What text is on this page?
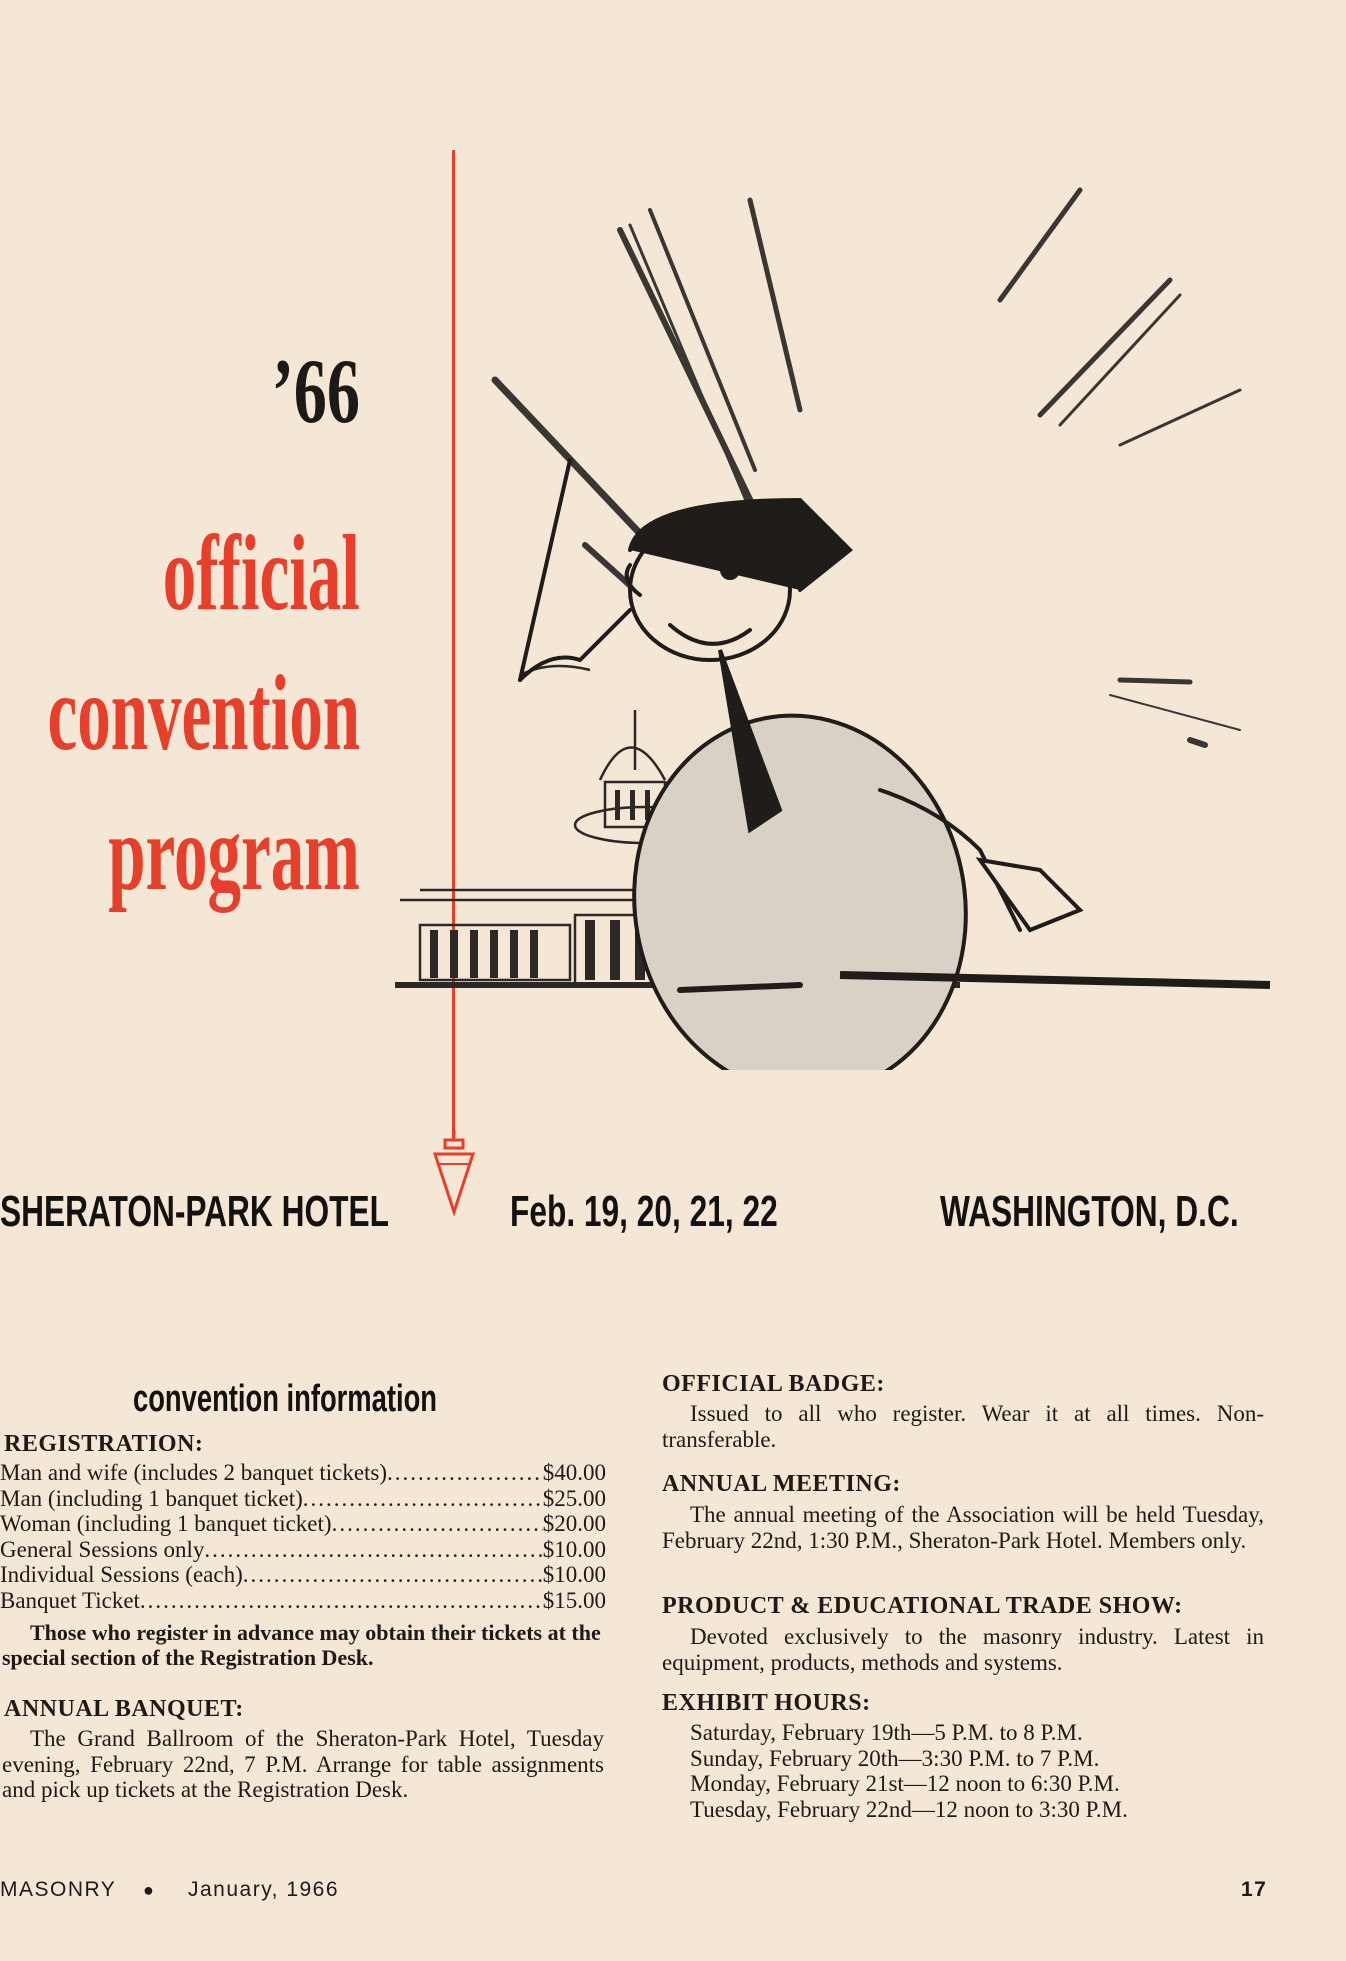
’66
official
convention
program
SHERATON-PARK HOTEL	Feb. 19, 20, 21, 22	WASHINGTON, D.C.
convention information
REGISTRATION:
Man and wife (includes 2 banquet tickets) .....	$40.00
Man (including 1 banquet ticket) .....	$25.00
Woman (including 1 banquet ticket) .....	$20.00
General Sessions only .....	$10.00
Individual Sessions (each) .....	$10.00
Banquet Ticket .....	$15.00
Those who register in advance may obtain their tickets at the special section of the Registration Desk.
ANNUAL BANQUET:
The Grand Ballroom of the Sheraton-Park Hotel, Tuesday evening, February 22nd, 7 P.M. Arrange for table assignments and pick up tickets at the Registration Desk.
OFFICIAL BADGE:
Issued to all who register. Wear it at all times. Non-transferable.
ANNUAL MEETING:
The annual meeting of the Association will be held Tuesday, February 22nd, 1:30 P.M., Sheraton-Park Hotel. Members only.
PRODUCT & EDUCATIONAL TRADE SHOW:
Devoted exclusively to the masonry industry. Latest in equipment, products, methods and systems.
EXHIBIT HOURS:

Saturday, February 19th—5 P.M. to 8 P.M.

Sunday, February 20th—3:30 P.M. to 7 P.M.

Monday, February 21st—12 noon to 6:30 P.M.

Tuesday, February 22nd—12 noon to 3:30 P.M.

MASONRY ● January, 1966	17
